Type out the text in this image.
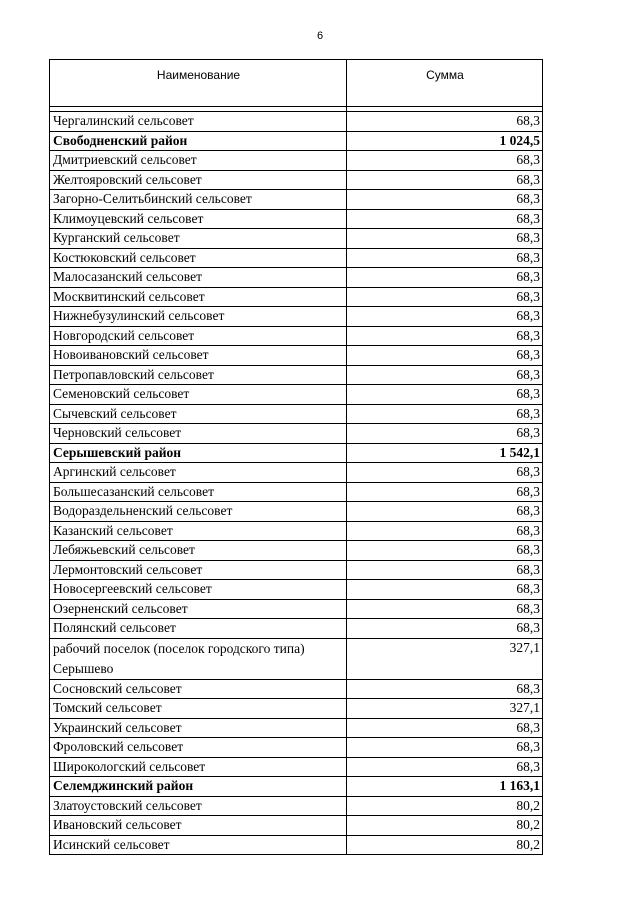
6
Наименование	Сумма

Чергалинский сельсовет	68,3
Свободненский район	1 024,5
Дмитриевский сельсовет	68,3
Желтояровский сельсовет	68,3
Загорно-Селитьбинский сельсовет	68,3
Климоуцевский сельсовет	68,3
Курганский сельсовет	68,3
Костюковский сельсовет	68,3
Малосазанский сельсовет	68,3
Москвитинский сельсовет	68,3
Нижнебузулинский сельсовет	68,3
Новгородский сельсовет	68,3
Новоивановский сельсовет	68,3
Петропавловский сельсовет	68,3
Семеновский сельсовет	68,3
Сычевский сельсовет	68,3
Черновский сельсовет	68,3
Серышевский район	1 542,1
Аргинский сельсовет	68,3
Большесазанский сельсовет	68,3
Водораздельненский сельсовет	68,3
Казанский сельсовет	68,3
Лебяжьевский сельсовет	68,3
Лермонтовский сельсовет	68,3
Новосергеевский сельсовет	68,3
Озерненский сельсовет	68,3
Полянский сельсовет	68,3
рабочий поселок (поселок городского типа) Серышево	327,1
Сосновский сельсовет	68,3
Томский сельсовет	327,1
Украинский сельсовет	68,3
Фроловский сельсовет	68,3
Широкологский сельсовет	68,3
Селемджинский район	1 163,1
Златоустовский сельсовет	80,2
Ивановский сельсовет	80,2
Исинский сельсовет	80,2
